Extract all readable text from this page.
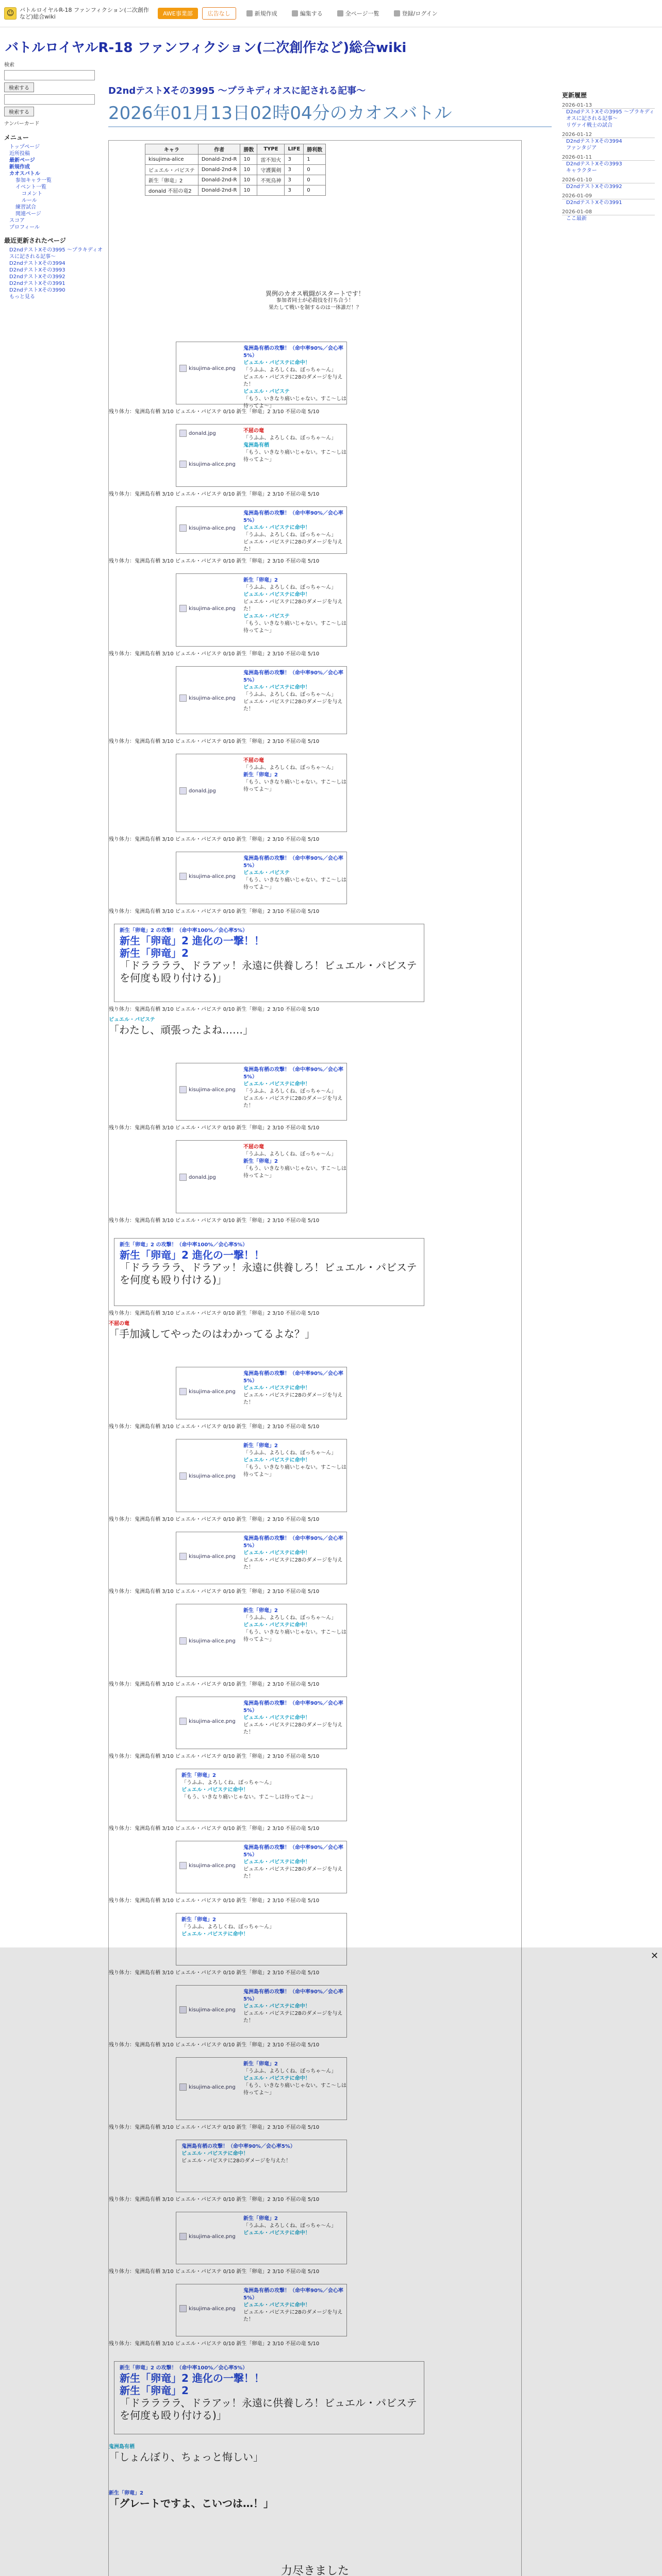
☺ バトルロイヤルR-18 ファンフィクション(二次創作など)総合wiki	AWE事業部	広告なし	新規作成	編集する	全ページ一覧	登録/ログイン
バトルロイヤルR-18 ファンフィクション(二次創作など)総合wiki
検索
検索する  検索する
ナンバーカード
メニュー
トップページ
近所投稿
最新ページ
新規作成
カオスバトル
参加キャラ一覧
イベント一覧
コメント
ルール
練習試合
関連ページ
スコア
プロフィール
最近更新されたページ
D2ndテストXその3995 ～プラキディオスに記される記事～
D2ndテストXその3994
D2ndテストXその3993
D2ndテストXその3992
D2ndテストXその3991
D2ndテストXその3990
もっと見る
更新履歴
2026-01-13
D2ndテストXその3995 ～プラキディオスに記される記事～
リヴァイ戦士の試合
2026-01-12
D2ndテストXその3994
ファンタジア
2026-01-11
D2ndテストXその3993
キャラクター
2026-01-10
D2ndテストXその3992
2026-01-09
D2ndテストXその3991
2026-01-08
ここ最新
D2ndテストXその3995 ～プラキディオスに記される記事～
2026年01月13日02時04分のカオスバトル
キャラ	作者	勝数	TYPE	LIFE	勝利数
kisujima-alice	Donald-2nd-R	10	雷不知火	3	1
ビュエル・パビステ	Donald-2nd-R	10	守護翼剣	3	0
新生「卵竜」2	Donald-2nd-R	10	不死鳥神	3	0
donald 不屈の竜2	Donald-2nd-R	10		3	0
異例のカオス戦闘がスタートです！
参加者同士が必殺技を打ち合う！
果たして戦いを制するのは一体誰だ！？
kisujima-alice.png
鬼洲島有栖の攻撃！（命中率90%／会心率5%）
ビュエル・パビステに命中！
「うふふ、よろしくね、ぼっちゃ〜ん」
ビュエル・パビステに28のダメージを与えた！
ビュエル・パビステ
「もう、いきなり痛いじゃない。すこ〜しは待ってよ〜」
残り体力：鬼洲島有栖 3/10 ビュエル・パビステ 0/10 新生「卵竜」2 3/10 不屈の竜 5/10
donald.jpg
kisujima-alice.png
不屈の竜
「うふふ、よろしくね、ぼっちゃ〜ん」
鬼洲島有栖
「もう、いきなり痛いじゃない。すこ〜しは待ってよ〜」
残り体力：鬼洲島有栖 3/10 ビュエル・パビステ 0/10 新生「卵竜」2 3/10 不屈の竜 5/10
kisujima-alice.png
鬼洲島有栖の攻撃！（命中率90%／会心率5%）
ビュエル・パビステに命中！
「うふふ、よろしくね、ぼっちゃ〜ん」
ビュエル・パビステに28のダメージを与えた！
残り体力：鬼洲島有栖 3/10 ビュエル・パビステ 0/10 新生「卵竜」2 3/10 不屈の竜 5/10
kisujima-alice.png
新生「卵竜」2
「うふふ、よろしくね、ぼっちゃ〜ん」
ビュエル・パビステに命中！
ビュエル・パビステに28のダメージを与えた！
ビュエル・パビステ
「もう、いきなり痛いじゃない。すこ〜しは待ってよ〜」
残り体力：鬼洲島有栖 3/10 ビュエル・パビステ 0/10 新生「卵竜」2 3/10 不屈の竜 5/10
kisujima-alice.png
鬼洲島有栖の攻撃！（命中率90%／会心率5%）
ビュエル・パビステに命中！
「うふふ、よろしくね、ぼっちゃ〜ん」
ビュエル・パビステに28のダメージを与えた！
残り体力：鬼洲島有栖 3/10 ビュエル・パビステ 0/10 新生「卵竜」2 3/10 不屈の竜 5/10
donald.jpg
不屈の竜
「うふふ、よろしくね、ぼっちゃ〜ん」
新生「卵竜」2
「もう、いきなり痛いじゃない。すこ〜しは待ってよ〜」
残り体力：鬼洲島有栖 3/10 ビュエル・パビステ 0/10 新生「卵竜」2 3/10 不屈の竜 5/10
kisujima-alice.png
鬼洲島有栖の攻撃！（命中率90%／会心率5%）
ビュエル・パビステ
「もう、いきなり痛いじゃない。すこ〜しは待ってよ〜」
残り体力：鬼洲島有栖 3/10 ビュエル・パビステ 0/10 新生「卵竜」2 3/10 不屈の竜 5/10
新生「卵竜」2 の攻撃！（命中率100%／会心率5%）
新生「卵竜」2 進化の一撃！！
新生「卵竜」2
「ドララララ、ドラアッ！永遠に供養しろ！ビュエル・パビステを何度も殴り付ける)」
残り体力：鬼洲島有栖 3/10 ビュエル・パビステ 0/10 新生「卵竜」2 3/10 不屈の竜 5/10
ビュエル・パビステ
「わたし、頑張ったよね……」
kisujima-alice.png
鬼洲島有栖の攻撃！（命中率90%／会心率5%）
ビュエル・パビステに命中！
「うふふ、よろしくね、ぼっちゃ〜ん」
ビュエル・パビステに28のダメージを与えた！
残り体力：鬼洲島有栖 3/10 ビュエル・パビステ 0/10 新生「卵竜」2 3/10 不屈の竜 5/10
donald.jpg
不屈の竜
「うふふ、よろしくね、ぼっちゃ〜ん」
新生「卵竜」2
「もう、いきなり痛いじゃない。すこ〜しは待ってよ〜」
残り体力：鬼洲島有栖 3/10 ビュエル・パビステ 0/10 新生「卵竜」2 3/10 不屈の竜 5/10
新生「卵竜」2 の攻撃！（命中率100%／会心率5%）
新生「卵竜」2 進化の一撃！！
「ドララララ、ドラアッ！永遠に供養しろ！ビュエル・パビステを何度も殴り付ける)」
残り体力：鬼洲島有栖 3/10 ビュエル・パビステ 0/10 新生「卵竜」2 3/10 不屈の竜 5/10
不屈の竜
「手加減してやったのはわかってるよな？」
kisujima-alice.png
鬼洲島有栖の攻撃！（命中率90%／会心率5%）
ビュエル・パビステに命中！
ビュエル・パビステに28のダメージを与えた！
残り体力：鬼洲島有栖 3/10 ビュエル・パビステ 0/10 新生「卵竜」2 3/10 不屈の竜 5/10
kisujima-alice.png
新生「卵竜」2
「うふふ、よろしくね、ぼっちゃ〜ん」
ビュエル・パビステに命中！
「もう、いきなり痛いじゃない。すこ〜しは待ってよ〜」
残り体力：鬼洲島有栖 3/10 ビュエル・パビステ 0/10 新生「卵竜」2 3/10 不屈の竜 5/10
kisujima-alice.png
鬼洲島有栖の攻撃！（命中率90%／会心率5%）
ビュエル・パビステに命中！
ビュエル・パビステに28のダメージを与えた！
残り体力：鬼洲島有栖 3/10 ビュエル・パビステ 0/10 新生「卵竜」2 3/10 不屈の竜 5/10
kisujima-alice.png
新生「卵竜」2
「うふふ、よろしくね、ぼっちゃ〜ん」
ビュエル・パビステに命中！
「もう、いきなり痛いじゃない。すこ〜しは待ってよ〜」
残り体力：鬼洲島有栖 3/10 ビュエル・パビステ 0/10 新生「卵竜」2 3/10 不屈の竜 5/10
kisujima-alice.png
鬼洲島有栖の攻撃！（命中率90%／会心率5%）
ビュエル・パビステに命中！
ビュエル・パビステに28のダメージを与えた！
残り体力：鬼洲島有栖 3/10 ビュエル・パビステ 0/10 新生「卵竜」2 3/10 不屈の竜 5/10
新生「卵竜」2
「うふふ、よろしくね、ぼっちゃ〜ん」
ビュエル・パビステに命中！
「もう、いきなり痛いじゃない。すこ〜しは待ってよ〜」
残り体力：鬼洲島有栖 3/10 ビュエル・パビステ 0/10 新生「卵竜」2 3/10 不屈の竜 5/10
kisujima-alice.png
鬼洲島有栖の攻撃！（命中率90%／会心率5%）
ビュエル・パビステに命中！
ビュエル・パビステに28のダメージを与えた！
残り体力：鬼洲島有栖 3/10 ビュエル・パビステ 0/10 新生「卵竜」2 3/10 不屈の竜 5/10
新生「卵竜」2
「うふふ、よろしくね、ぼっちゃ〜ん」
ビュエル・パビステに命中！
残り体力：鬼洲島有栖 3/10 ビュエル・パビステ 0/10 新生「卵竜」2 3/10 不屈の竜 5/10
kisujima-alice.png
鬼洲島有栖の攻撃！（命中率90%／会心率5%）
ビュエル・パビステに命中！
ビュエル・パビステに28のダメージを与えた！
残り体力：鬼洲島有栖 3/10 ビュエル・パビステ 0/10 新生「卵竜」2 3/10 不屈の竜 5/10
kisujima-alice.png
新生「卵竜」2
「うふふ、よろしくね、ぼっちゃ〜ん」
ビュエル・パビステに命中！
「もう、いきなり痛いじゃない。すこ〜しは待ってよ〜」
残り体力：鬼洲島有栖 3/10 ビュエル・パビステ 0/10 新生「卵竜」2 3/10 不屈の竜 5/10
鬼洲島有栖の攻撃！（命中率90%／会心率5%）
ビュエル・パビステに命中！
ビュエル・パビステに28のダメージを与えた！
残り体力：鬼洲島有栖 3/10 ビュエル・パビステ 0/10 新生「卵竜」2 3/10 不屈の竜 5/10
kisujima-alice.png
新生「卵竜」2
「うふふ、よろしくね、ぼっちゃ〜ん」
ビュエル・パビステに命中！
残り体力：鬼洲島有栖 3/10 ビュエル・パビステ 0/10 新生「卵竜」2 3/10 不屈の竜 5/10
kisujima-alice.png
鬼洲島有栖の攻撃！（命中率90%／会心率5%）
ビュエル・パビステに命中！
ビュエル・パビステに28のダメージを与えた！
残り体力：鬼洲島有栖 3/10 ビュエル・パビステ 0/10 新生「卵竜」2 3/10 不屈の竜 5/10
新生「卵竜」2 の攻撃！（命中率100%／会心率5%）
新生「卵竜」2 進化の一撃！！
新生「卵竜」2
「ドララララ、ドラアッ！永遠に供養しろ！ビュエル・パビステを何度も殴り付ける)」
鬼洲島有栖
「しょんぼり、ちょっと悔しい」
新生「卵竜」2
「グレートですよ、こいつは…！」
力尽きました
✕
